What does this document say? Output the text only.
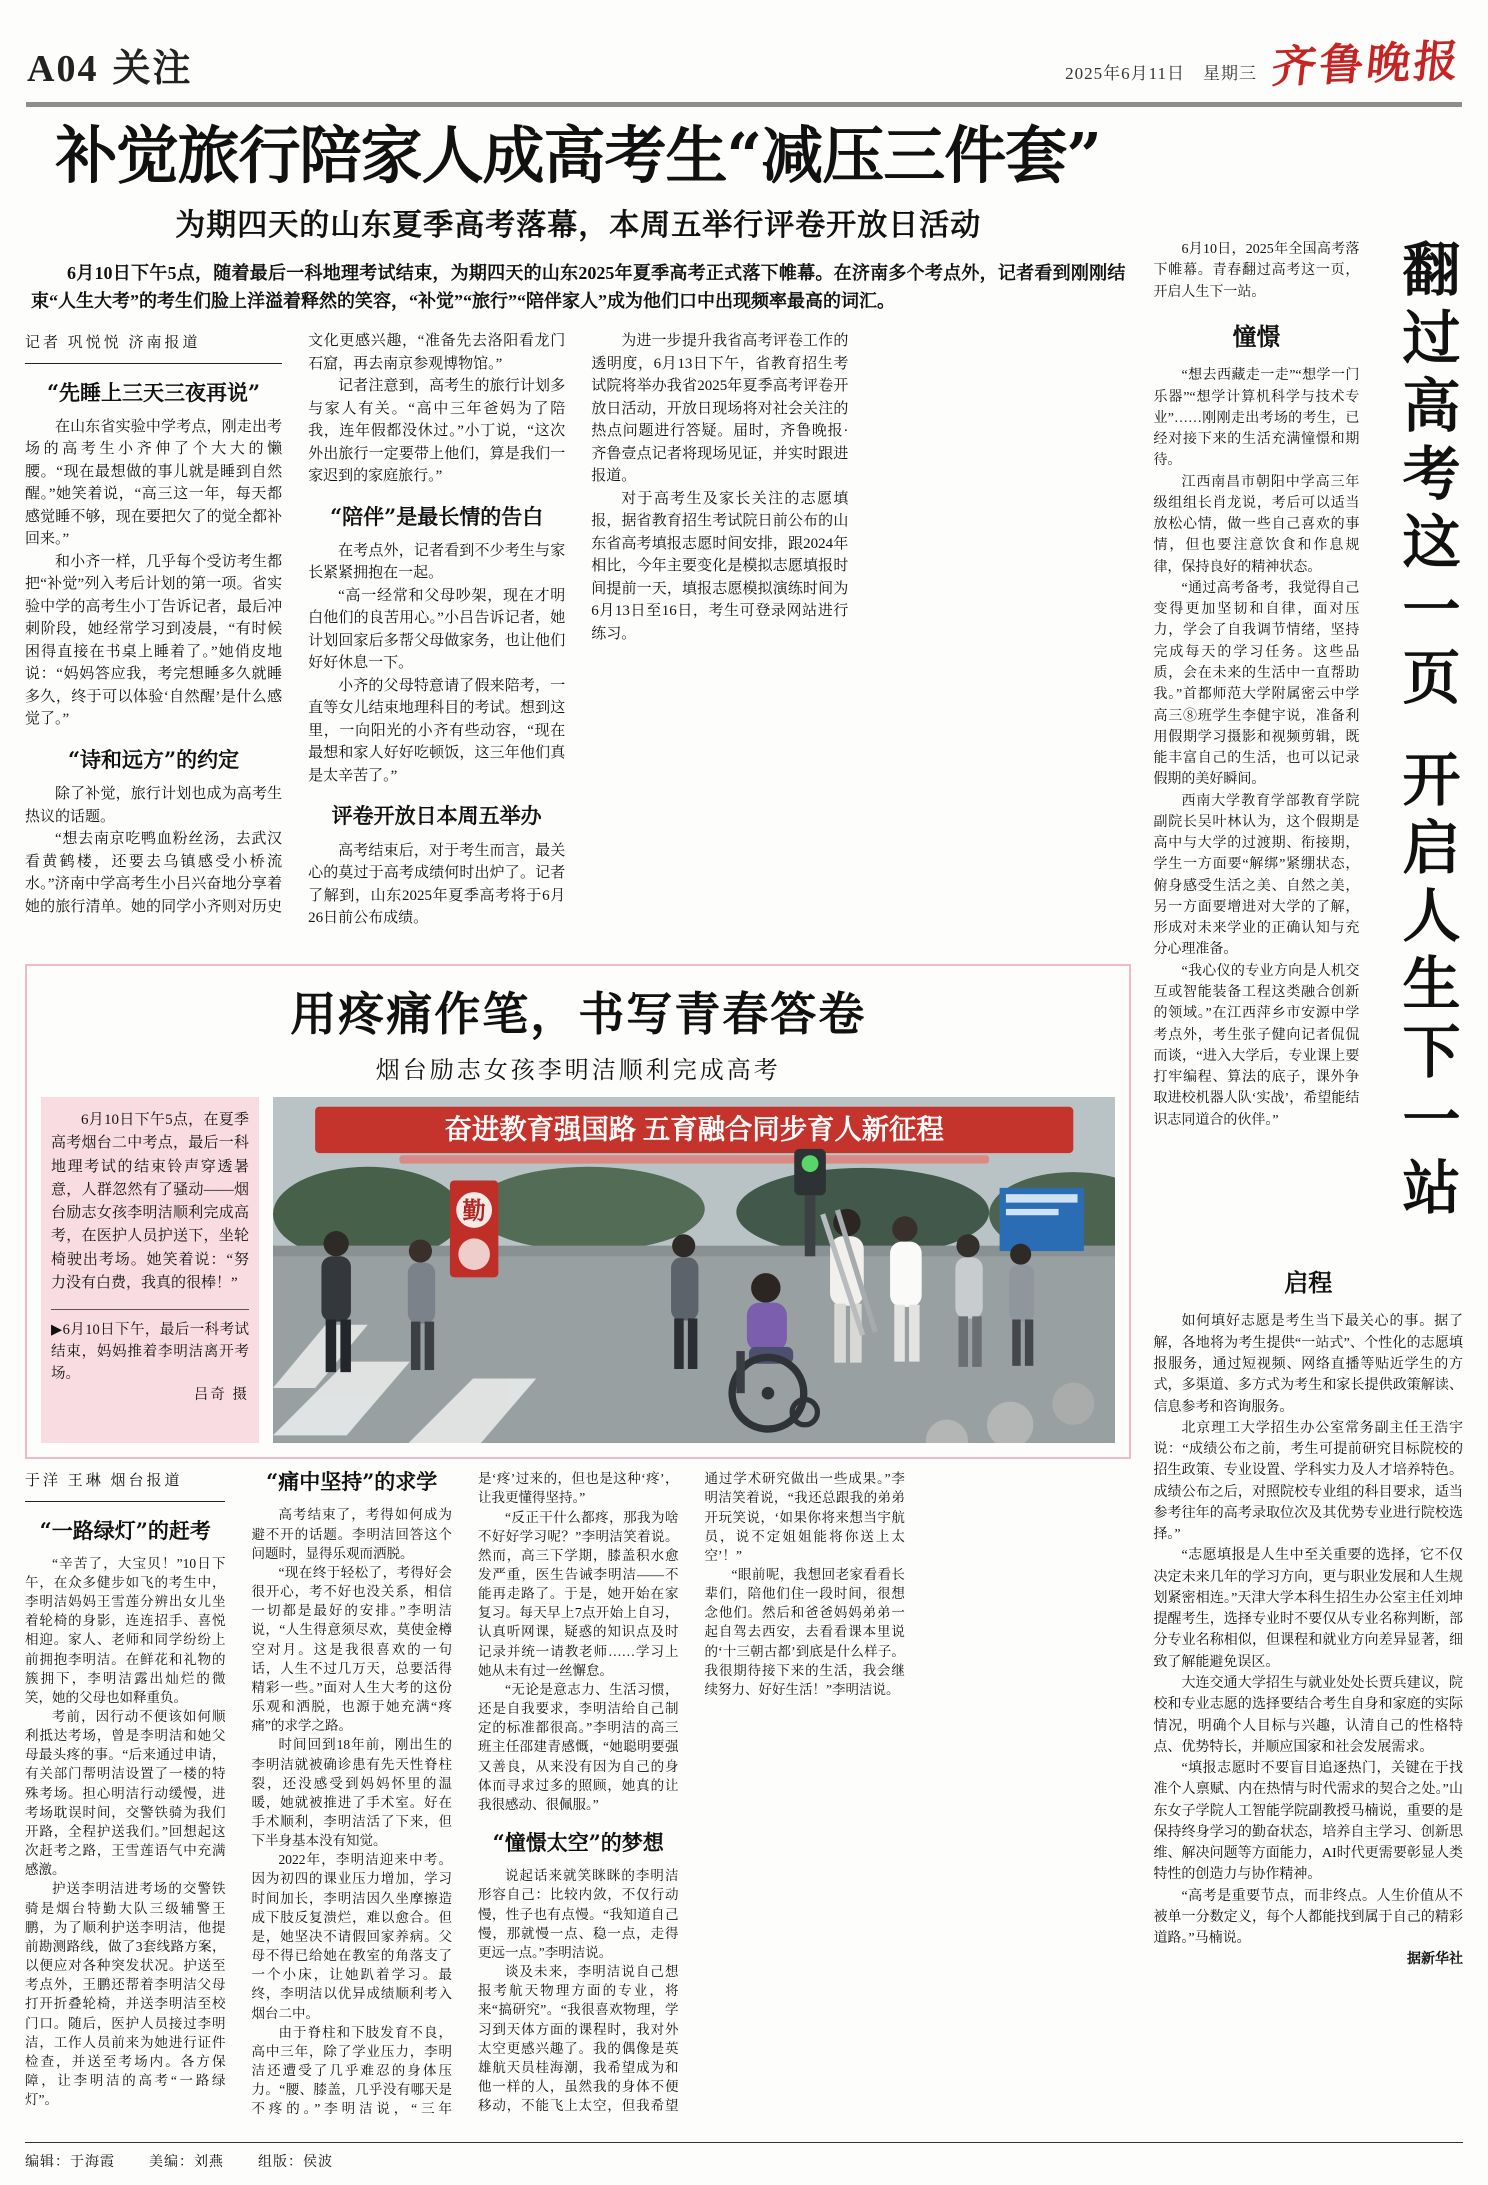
A04 关注	2025年6月11日　 星期三 齐鲁晚报
补觉旅行陪家人成高考生“减压三件套”
为期四天的山东夏季高考落幕，本周五举行评卷开放日活动
6月10日下午5点，随着最后一科地理考试结束，为期四天的山东2025年夏季高考正式落下帷幕。在济南多个考点外，记者看到刚刚结束“人生大考”的考生们脸上洋溢着释然的笑容，“补觉”“旅行”“陪伴家人”成为他们口中出现频率最高的词汇。
记者 巩悦悦 济南报道
“先睡上三天三夜再说”

在山东省实验中学考点，刚走出考场的高考生小齐伸了个大大的懒腰。“现在最想做的事儿就是睡到自然醒。”她笑着说，“高三这一年，每天都感觉睡不够，现在要把欠了的觉全都补回来。”

和小齐一样，几乎每个受访考生都把“补觉”列入考后计划的第一项。省实验中学的高考生小丁告诉记者，最后冲刺阶段，她经常学习到凌晨，“有时候困得直接在书桌上睡着了。”她俏皮地说：“妈妈答应我，考完想睡多久就睡多久，终于可以体验‘自然醒’是什么感觉了。”

“诗和远方”的约定

除了补觉，旅行计划也成为高考生热议的话题。

“想去南京吃鸭血粉丝汤，去武汉看黄鹤楼，还要去乌镇感受小桥流水。”济南中学高考生小吕兴奋地分享着她的旅行清单。她的同学小齐则对历史文化更感兴趣，“准备先去洛阳看龙门石窟，再去南京参观博物馆。”

记者注意到，高考生的旅行计划多与家人有关。“高中三年爸妈为了陪我，连年假都没休过。”小丁说，“这次外出旅行一定要带上他们，算是我们一家迟到的家庭旅行。”

“陪伴”是最长情的告白

在考点外，记者看到不少考生与家长紧紧拥抱在一起。

“高一经常和父母吵架，现在才明白他们的良苦用心。”小吕告诉记者，她计划回家后多帮父母做家务，也让他们好好休息一下。

小齐的父母特意请了假来陪考，一直等女儿结束地理科目的考试。想到这里，一向阳光的小齐有些动容，“现在最想和家人好好吃顿饭，这三年他们真是太辛苦了。”

评卷开放日本周五举办

高考结束后，对于考生而言，最关心的莫过于高考成绩何时出炉了。记者了解到，山东2025年夏季高考将于6月26日前公布成绩。

为进一步提升我省高考评卷工作的透明度，6月13日下午，省教育招生考试院将举办我省2025年夏季高考评卷开放日活动，开放日现场将对社会关注的热点问题进行答疑。届时，齐鲁晚报·齐鲁壹点记者将现场见证，并实时跟进报道。

对于高考生及家长关注的志愿填报，据省教育招生考试院日前公布的山东省高考填报志愿时间安排，跟2024年相比，今年主要变化是模拟志愿填报时间提前一天，填报志愿模拟演练时间为6月13日至16日，考生可登录网站进行练习。

用疼痛作笔，书写青春答卷
烟台励志女孩李明洁顺利完成高考
6月10日下午5点，在夏季高考烟台二中考点，最后一科地理考试的结束铃声穿透暑意，人群忽然有了骚动——烟台励志女孩李明洁顺利完成高考，在医护人员护送下，坐轮椅驶出考场。她笑着说：“努力没有白费，我真的很棒！”
▶6月10日下午，最后一科考试结束，妈妈推着李明洁离开考场。
吕奇 摄
奋进教育强国路 五育融合同步育人新征程
勤
于洋 王琳 烟台报道
“一路绿灯”的赶考

“辛苦了，大宝贝！”10日下午，在众多健步如飞的考生中，李明洁妈妈王雪莲分辨出女儿坐着轮椅的身影，连连招手、喜悦相迎。家人、老师和同学纷纷上前拥抱李明洁。在鲜花和礼物的簇拥下，李明洁露出灿烂的微笑，她的父母也如释重负。

考前，因行动不便该如何顺利抵达考场，曾是李明洁和她父母最头疼的事。“后来通过申请，有关部门帮明洁设置了一楼的特殊考场。担心明洁行动缓慢，进考场耽误时间，交警铁骑为我们开路，全程护送我们。”回想起这次赶考之路，王雪莲语气中充满感激。

护送李明洁进考场的交警铁骑是烟台特勤大队三级辅警王鹏，为了顺利护送李明洁，他提前勘测路线，做了3套线路方案，以便应对各种突发状况。护送至考点外，王鹏还帮着李明洁父母打开折叠轮椅，并送李明洁至校门口。随后，医护人员接过李明洁，工作人员前来为她进行证件检查，并送至考场内。各方保障，让李明洁的高考“一路绿灯”。

“痛中坚持”的求学

高考结束了，考得如何成为避不开的话题。李明洁回答这个问题时，显得乐观而洒脱。

“现在终于轻松了，考得好会很开心，考不好也没关系，相信一切都是最好的安排。”李明洁说，“人生得意须尽欢，莫使金樽空对月。这是我很喜欢的一句话，人生不过几万天，总要活得精彩一些。”面对人生大考的这份乐观和洒脱，也源于她充满“疼痛”的求学之路。

时间回到18年前，刚出生的李明洁就被确诊患有先天性脊柱裂，还没感受到妈妈怀里的温暖，她就被推进了手术室。好在手术顺利，李明洁活了下来，但下半身基本没有知觉。

2022年，李明洁迎来中考。因为初四的课业压力增加，学习时间加长，李明洁因久坐摩擦造成下肢反复溃烂，难以愈合。但是，她坚决不请假回家养病。父母不得已给她在教室的角落支了一个小床，让她趴着学习。最终，李明洁以优异成绩顺利考入烟台二中。

由于脊柱和下肢发育不良，高中三年，除了学业压力，李明洁还遭受了几乎难忍的身体压力。“腰、膝盖，几乎没有哪天是不疼的。”李明洁说，“三年是‘疼’过来的，但也是这种‘疼’，让我更懂得坚持。”

“反正干什么都疼，那我为啥不好好学习呢？”李明洁笑着说。然而，高三下学期，膝盖积水愈发严重，医生告诫李明洁——不能再走路了。于是，她开始在家复习。每天早上7点开始上自习，认真听网课，疑惑的知识点及时记录并统一请教老师……学习上她从未有过一丝懈怠。

“无论是意志力、生活习惯，还是自我要求，李明洁给自己制定的标准都很高。”李明洁的高三班主任邵建青感慨，“她聪明要强又善良，从来没有因为自己的身体而寻求过多的照顾，她真的让我很感动、很佩服。”

“憧憬太空”的梦想

说起话来就笑眯眯的李明洁形容自己：比较内敛，不仅行动慢，性子也有点慢。“我知道自己慢，那就慢一点、稳一点，走得更远一点。”李明洁说。

谈及未来，李明洁说自己想报考航天物理方面的专业，将来“搞研究”。“我很喜欢物理，学习到天体方面的课程时，我对外太空更感兴趣了。我的偶像是英雄航天员桂海潮，我希望成为和他一样的人，虽然我的身体不便移动，不能飞上太空，但我希望通过学术研究做出一些成果。”李明洁笑着说，“我还总跟我的弟弟开玩笑说，‘如果你将来想当宇航员，说不定姐姐能将你送上太空’！”

“眼前呢，我想回老家看看长辈们，陪他们住一段时间，很想念他们。然后和爸爸妈妈弟弟一起自驾去西安，去看看课本里说的‘十三朝古都’到底是什么样子。我很期待接下来的生活，我会继续努力、好好生活！”李明洁说。

6月10日，2025年全国高考落下帷幕。青春翻过高考这一页，开启人生下一站。

憧憬

“想去西藏走一走”“想学一门乐器”“想学计算机科学与技术专业”……刚刚走出考场的考生，已经对接下来的生活充满憧憬和期待。

江西南昌市朝阳中学高三年级组组长肖龙说，考后可以适当放松心情，做一些自己喜欢的事情，但也要注意饮食和作息规律，保持良好的精神状态。

“通过高考备考，我觉得自己变得更加坚韧和自律，面对压力，学会了自我调节情绪，坚持完成每天的学习任务。这些品质，会在未来的生活中一直帮助我。”首都师范大学附属密云中学高三⑧班学生李健宇说，准备利用假期学习摄影和视频剪辑，既能丰富自己的生活，也可以记录假期的美好瞬间。

西南大学教育学部教育学院副院长吴叶林认为，这个假期是高中与大学的过渡期、衔接期，学生一方面要“解绑”紧绷状态，俯身感受生活之美、自然之美，另一方面要增进对大学的了解，形成对未来学业的正确认知与充分心理准备。

“我心仪的专业方向是人机交互或智能装备工程这类融合创新的领域。”在江西萍乡市安源中学考点外，考生张子健向记者侃侃而谈，“进入大学后，专业课上要打牢编程、算法的底子，课外争取进校机器人队‘实战’，希望能结识志同道合的伙伴。”

翻过高考这一页开启人生下一站
启程

如何填好志愿是考生当下最关心的事。据了解，各地将为考生提供“一站式”、个性化的志愿填报服务，通过短视频、网络直播等贴近学生的方式，多渠道、多方式为考生和家长提供政策解读、信息参考和咨询服务。

北京理工大学招生办公室常务副主任王浩宇说：“成绩公布之前，考生可提前研究目标院校的招生政策、专业设置、学科实力及人才培养特色。成绩公布之后，对照院校专业组的科目要求，适当参考往年的高考录取位次及其优势专业进行院校选择。”

“志愿填报是人生中至关重要的选择，它不仅决定未来几年的学习方向，更与职业发展和人生规划紧密相连。”天津大学本科生招生办公室主任刘坤提醒考生，选择专业时不要仅从专业名称判断，部分专业名称相似，但课程和就业方向差异显著，细致了解能避免误区。

大连交通大学招生与就业处处长贾兵建议，院校和专业志愿的选择要结合考生自身和家庭的实际情况，明确个人目标与兴趣，认清自己的性格特点、优势特长，并顺应国家和社会发展需求。

“填报志愿时不要盲目追逐热门，关键在于找准个人禀赋、内在热情与时代需求的契合之处。”山东女子学院人工智能学院副教授马楠说，重要的是保持终身学习的勤奋状态，培养自主学习、创新思维、解决问题等方面能力，AI时代更需要彰显人类特性的创造力与协作精神。

“高考是重要节点，而非终点。人生价值从不被单一分数定义，每个人都能找到属于自己的精彩道路。”马楠说。

据新华社

编辑：于海霞 美编：刘燕 组版：侯波
